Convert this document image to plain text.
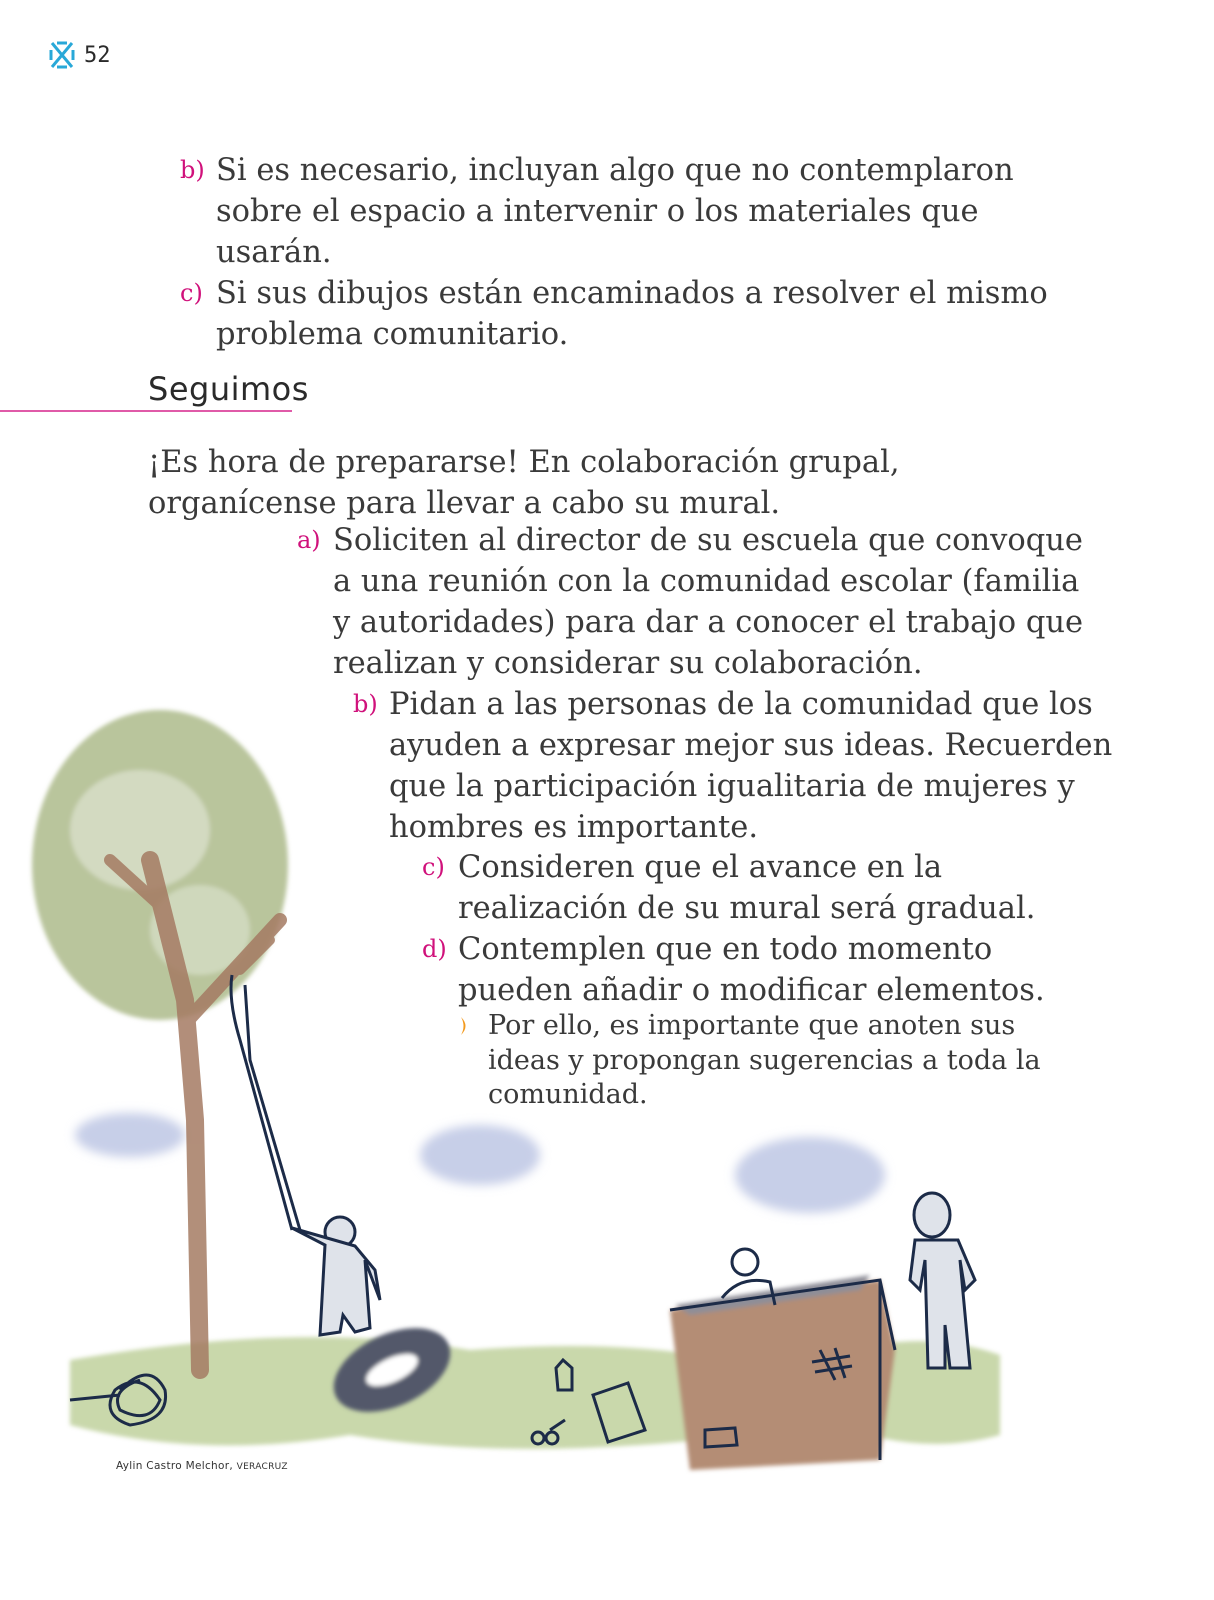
52
b) Si es necesario, incluyan algo que no contemplaron
sobre el espacio a intervenir o los materiales que
usarán.
c) Si sus dibujos están encaminados a resolver el mismo
problema comunitario.
Seguimos
¡Es hora de prepararse! En colaboración grupal,
organícense para llevar a cabo su mural.
a) Soliciten al director de su escuela que convoque
a una reunión con la comunidad escolar (familia
y autoridades) para dar a conocer el trabajo que
realizan y considerar su colaboración.
b) Pidan a las personas de la comunidad que los
ayuden a expresar mejor sus ideas. Recuerden
que la participación igualitaria de mujeres y
hombres es importante.
c) Consideren que el avance en la
realización de su mural será gradual.
d) Contemplen que en todo momento
pueden añadir o modificar elementos.
Por ello, es importante que anoten sus
ideas y propongan sugerencias a toda la
comunidad.
Aylin Castro Melchor, VERACRUZ
